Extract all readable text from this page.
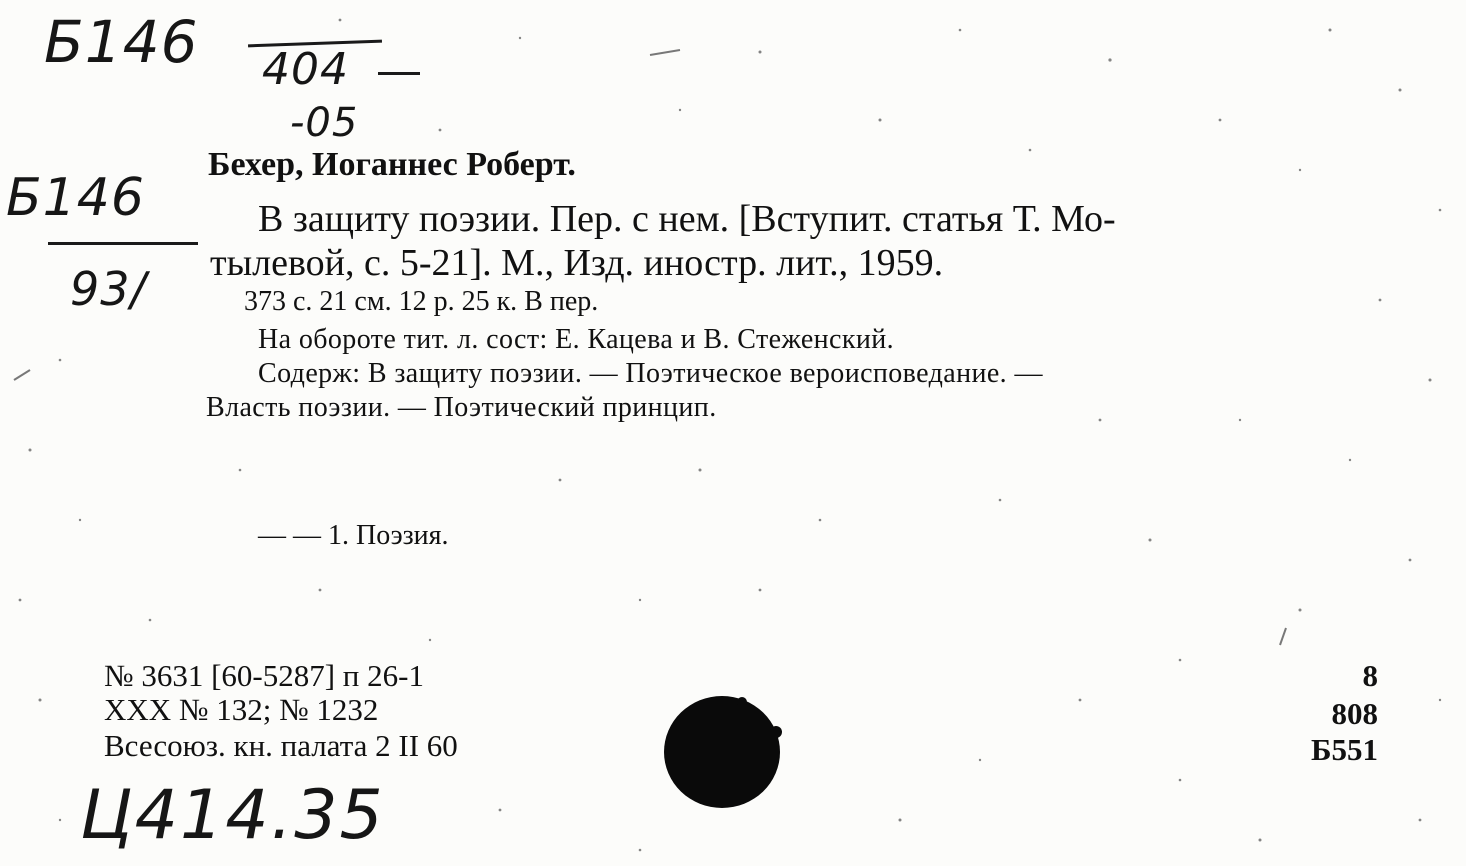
Б146 404
-05
Б146
93/
Ц414.35
Бехер, Иоганнес Роберт.
В защиту поэзии. Пер. с нем. [Вступит. статья Т. Мо-
тылевой, с. 5-21]. М., Изд. иностр. лит., 1959.
373 с. 21 см. 12 р. 25 к. В пер.
На обороте тит. л. сост: Е. Кацева и В. Стеженский.
Содерж: В защиту поэзии. — Поэтическое вероисповедание. —
Власть поэзии. — Поэтический принцип.
— — 1. Поэзия.
№ 3631 [60-5287] п 26-1
XXX № 132; № 1232
Всесоюз. кн. палата 2 II 60
8
808
Б551
